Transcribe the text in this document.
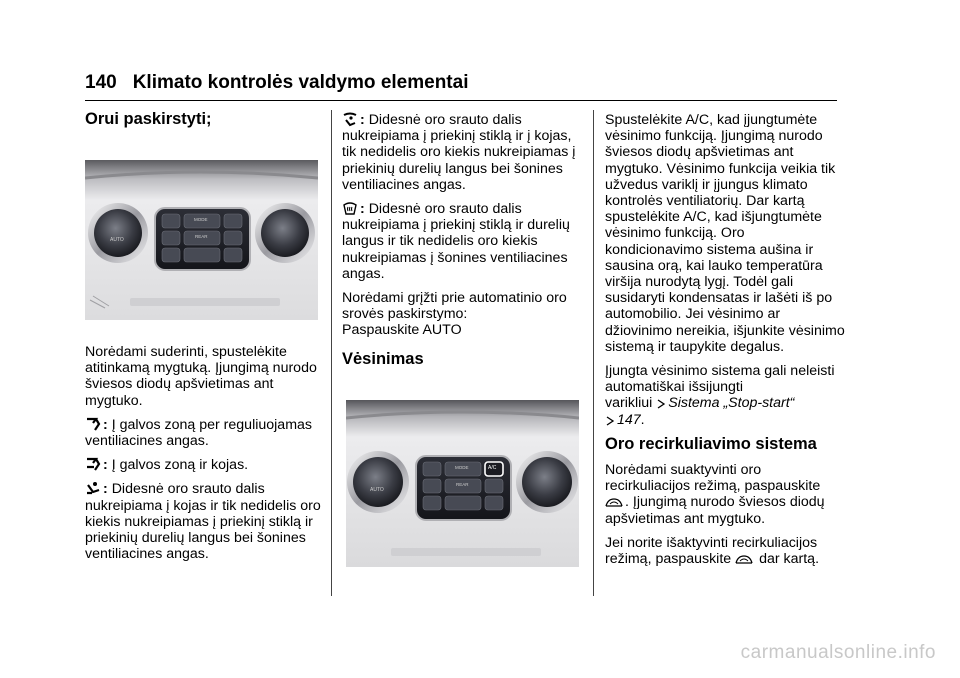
140 Klimato kontrolės valdymo elementai
Orui paskirstyti;
AUTO
MODE
REAR

Norėdami suderinti, spustelėkite atitinkamą mygtuką. Įjungimą nurodo šviesos diodų apšvietimas ant mygtuko.

: Į galvos zoną per reguliuojamas ventiliacines angas.

: Į galvos zoną ir kojas.

: Didesnė oro srauto dalis nukreipiama į kojas ir tik nedidelis oro kiekis nukreipiamas į priekinį stiklą ir priekinių durelių langus bei šonines ventiliacines angas.

: Didesnė oro srauto dalis nukreipiama į priekinį stiklą ir į kojas, tik nedidelis oro kiekis nukreipiamas į priekinių durelių langus bei šonines ventiliacines angas.

: Didesnė oro srauto dalis nukreipiama į priekinį stiklą ir durelių langus ir tik nedidelis oro kiekis nukreipiamas į šonines ventiliacines angas.

Norėdami grįžti prie automatinio oro srovės paskirstymo:
Paspauskite AUTO

Vėsinimas
AUTO
MODE
REAR
A/C

Spustelėkite A/C, kad įjungtumėte vėsinimo funkciją. Įjungimą nurodo šviesos diodų apšvietimas ant mygtuko. Vėsinimo funkcija veikia tik užvedus variklį ir įjungus klimato kontrolės ventiliatorių. Dar kartą spustelėkite A/C, kad išjungtumėte vėsinimo funkciją. Oro kondicionavimo sistema aušina ir sausina orą, kai lauko temperatūra viršija nurodytą lygį. Todėl gali susidaryti kondensatas ir lašėti iš po automobilio. Jei vėsinimo ar džiovinimo nereikia, išjunkite vėsinimo sistemą ir taupykite degalus.

Įjungta vėsinimo sistema gali neleisti automatiškai išsijungti
varikliui Sistema „Stop-start“
147.

Oro recirkuliavimo sistema

Norėdami suaktyvinti oro recirkuliacijos režimą, paspauskite
. Įjungimą nurodo šviesos diodų apšvietimas ant mygtuko.

Jei norite išaktyvinti recirkuliacijos
režimą, paspauskite dar kartą.

carmanualsonline.info
